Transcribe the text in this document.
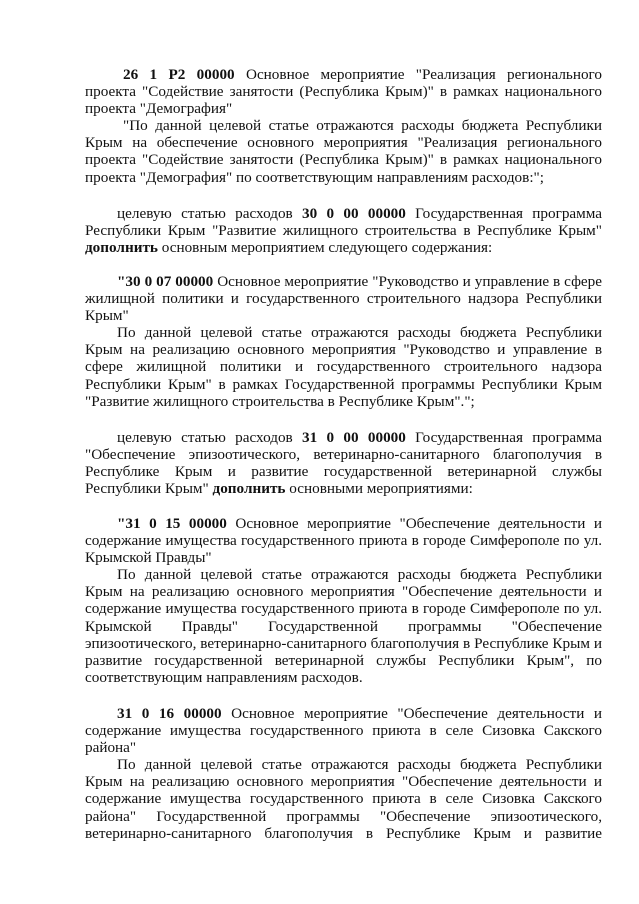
26 1 Р2 00000 Основное мероприятие "Реализация регионального проекта "Содействие занятости (Республика Крым)" в рамках национального проекта "Демография"

"По данной целевой статье отражаются расходы бюджета Республики Крым на обеспечение основного мероприятия "Реализация регионального проекта "Содействие занятости (Республика Крым)" в рамках национального проекта "Демография" по соответствующим направлениям расходов:";

целевую статью расходов 30 0 00 00000 Государственная программа Республики Крым "Развитие жилищного строительства в Республике Крым" дополнить основным мероприятием следующего содержания:

"30 0 07 00000 Основное мероприятие "Руководство и управление в сфере жилищной политики и государственного строительного надзора Республики Крым"

По данной целевой статье отражаются расходы бюджета Республики Крым на реализацию основного мероприятия "Руководство и управление в сфере жилищной политики и государственного строительного надзора Республики Крым" в рамках Государственной программы Республики Крым "Развитие жилищного строительства в Республике Крым".";

целевую статью расходов 31 0 00 00000 Государственная программа "Обеспечение эпизоотического, ветеринарно-санитарного благополучия в Республике Крым и развитие государственной ветеринарной службы Республики Крым" дополнить основными мероприятиями:

"31 0 15 00000 Основное мероприятие "Обеспечение деятельности и содержание имущества государственного приюта в городе Симферополе по ул. Крымской Правды"

По данной целевой статье отражаются расходы бюджета Республики Крым на реализацию основного мероприятия "Обеспечение деятельности и содержание имущества государственного приюта в городе Симферополе по ул. Крымской Правды" Государственной программы "Обеспечение эпизоотического, ветеринарно-санитарного благополучия в Республике Крым и развитие государственной ветеринарной службы Республики Крым", по соответствующим направлениям расходов.

31 0 16 00000 Основное мероприятие "Обеспечение деятельности и содержание имущества государственного приюта в селе Сизовка Сакского района"

По данной целевой статье отражаются расходы бюджета Республики Крым на реализацию основного мероприятия "Обеспечение деятельности и содержание имущества государственного приюта в селе Сизовка Сакского района" Государственной программы "Обеспечение эпизоотического, ветеринарно-санитарного благополучия в Республике Крым и развитие
